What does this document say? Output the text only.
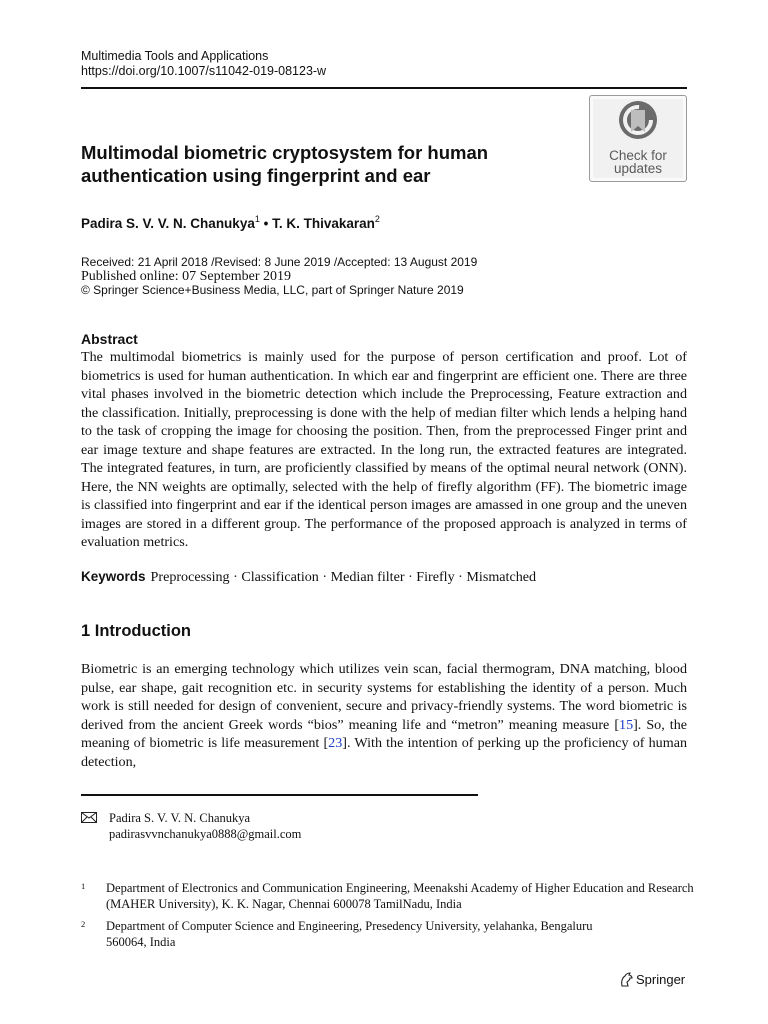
Multimedia Tools and Applications
https://doi.org/10.1007/s11042-019-08123-w
Check for
updates
Multimodal biometric cryptosystem for human
authentication using fingerprint and ear
Padira S. V. V. N. Chanukya$^1$ • T. K. Thivakaran$^2$
Received: 21 April 2018 /Revised: 8 June 2019 /Accepted: 13 August 2019
Published online: 07 September 2019
© Springer Science+Business Media, LLC, part of Springer Nature 2019
Abstract
The multimodal biometrics is mainly used for the purpose of person certification and proof. Lot of biometrics is used for human authentication. In which ear and fingerprint are efficient one. There are three vital phases involved in the biometric detection which include the Preprocessing, Feature extraction and the classification. Initially, preprocessing is done with the help of median filter which lends a helping hand to the task of cropping the image for choosing the position. Then, from the preprocessed Finger print and ear image texture and shape features are extracted. In the long run, the extracted features are integrated. The integrated features, in turn, are proficiently classified by means of the optimal neural network (ONN). Here, the NN weights are optimally, selected with the help of firefly algorithm (FF). The biometric image is classified into fingerprint and ear if the identical person images are amassed in one group and the uneven images are stored in a different group. The performance of the proposed approach is analyzed in terms of evaluation metrics.
Keywords Preprocessing · Classification · Median filter · Firefly · Mismatched
1 Introduction
Biometric is an emerging technology which utilizes vein scan, facial thermogram, DNA matching, blood pulse, ear shape, gait recognition etc. in security systems for establishing the identity of a person. Much work is still needed for design of convenient, secure and privacy-friendly systems. The word biometric is derived from the ancient Greek words “bios” meaning life and “metron” meaning measure [15]. So, the meaning of biometric is life measurement [23]. With the intention of perking up the proficiency of human detection,
Padira S. V. V. N. Chanukya
padirasvvnchanukya0888@gmail.com
1 Department of Electronics and Communication Engineering, Meenakshi Academy of Higher Education and Research (MAHER University), K. K. Nagar, Chennai 600078 TamilNadu, India
2 Department of Computer Science and Engineering, Presedency University, yelahanka, Bengaluru 560064, India
Springer
